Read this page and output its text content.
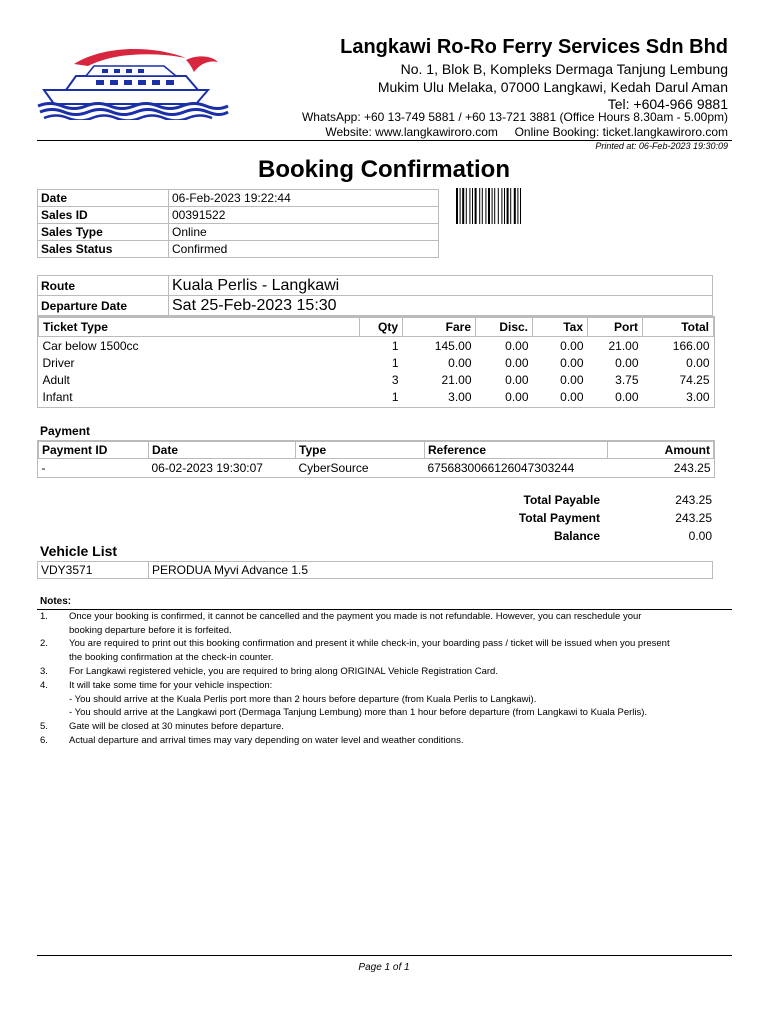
Langkawi Ro-Ro Ferry Services Sdn Bhd
No. 1, Blok B, Kompleks Dermaga Tanjung Lembung
Mukim Ulu Melaka, 07000 Langkawi, Kedah Darul Aman
Tel: +604-966 9881
WhatsApp: +60 13-749 5881 / +60 13-721 3881 (Office Hours 8.30am - 5.00pm)
Website: www.langkawiroro.com Online Booking: ticket.langkawiroro.com
Printed at: 06-Feb-2023 19:30:09
Booking Confirmation
Date	06-Feb-2023 19:22:44
Sales ID	00391522
Sales Type	Online
Sales Status	Confirmed
Route	Kuala Perlis - Langkawi
Departure Date	Sat 25-Feb-2023 15:30
Ticket Type	Qty	Fare	Disc.	Tax	Port	Total
Car below 1500cc	1	145.00	0.00	0.00	21.00	166.00
Driver	1	0.00	0.00	0.00	0.00	0.00
Adult	3	21.00	0.00	0.00	3.75	74.25
Infant	1	3.00	0.00	0.00	0.00	3.00
Payment
Payment ID	Date	Type	Reference	Amount
-	06-02-2023 19:30:07	CyberSource	6756830066126047303244	243.25
Total Payable	243.25
Total Payment	243.25
Balance	0.00
Vehicle List
VDY3571	PERODUA Myvi Advance 1.5
Notes:
1. Once your booking is confirmed, it cannot be cancelled and the payment you made is not refundable. However, you can reschedule your
booking departure before it is forfeited.
2. You are required to print out this booking confirmation and present it while check-in, your boarding pass / ticket will be issued when you present
the booking confirmation at the check-in counter.
3. For Langkawi registered vehicle, you are required to bring along ORIGINAL Vehicle Registration Card.
4. It will take some time for your vehicle inspection:
- You should arrive at the Kuala Perlis port more than 2 hours before departure (from Kuala Perlis to Langkawi).
- You should arrive at the Langkawi port (Dermaga Tanjung Lembung) more than 1 hour before departure (from Langkawi to Kuala Perlis).
5. Gate will be closed at 30 minutes before departure.
6. Actual departure and arrival times may vary depending on water level and weather conditions.
Page 1 of 1
